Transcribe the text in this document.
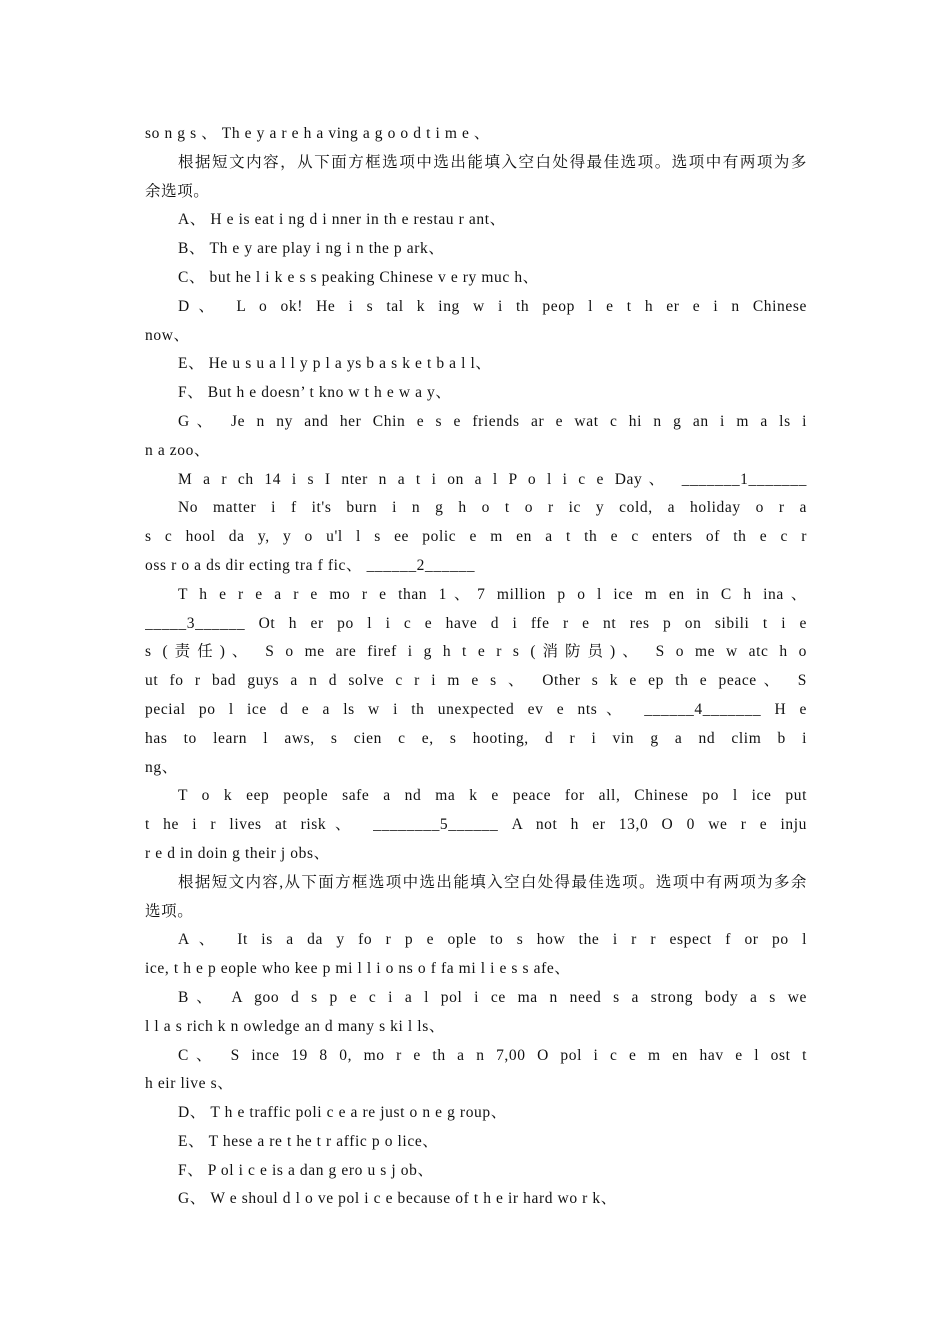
so n g s 、 Th e y a r e h a ving a g o o d t i m e 、
根据短文内容，从下面方框选项中选出能填入空白处得最佳选项。选项中有两项为多
余选项。
A、 H e is eat i ng d i nner in th e restau r ant、
B、 Th e y are play i ng i n the p ark、
C、 but he l i k e s s peaking Chinese v e ry muc h、
D、 L o ok! He i s tal k ing w i th peop l e t h er e i n Chinese
now、
E、 He u s u a l l y p l a ys b a s k e t b a l l、
F、 But h e doesn’ t kno w t h e w a y、
G、 Je n ny and her Chin e s e friends ar e wat c hi n g an i m a ls i
n a zoo、
M a r ch 14 i s I nter n a t i on a l P o l i c e Day、 _______1_______
No matter i f it's burn i n g h o t o r ic y cold, a holiday o r a
s c hool da y, y o u'l l s ee polic e m en a t th e c enters of th e c r
oss r o a ds dir ecting tra f fic、 ______2______
T h e r e a r e mo r e than 1、7 million p o l ice m en in C h ina、
_____3______ Ot h er po l i c e have d i ffe r e nt res p on sibili t i e
s (责任)、 S o me are firef i g h t e r s (消防员)、 S o me w atc h o
ut fo r bad guys a n d solve c r i m e s 、 Other s k e ep th e peace、 S
pecial po l ice d e a ls w i th unexpected ev e nts、 ______4_______ H e
has to learn l aws, s cien c e, s hooting, d r i vin g a nd clim b i
ng、
T o k eep people safe a nd ma k e peace for all, Chinese po l ice put
t he i r lives at risk、 ________5______ A not h er 13,0 O 0 we r e inju
r e d in doin g their j obs、
根据短文内容,从下面方框选项中选出能填入空白处得最佳选项。选项中有两项为多余
选项。
A、 It is a da y fo r p e ople to s how the i r r espect f or po l
ice, t h e p eople who kee p mi l l i o ns o f fa mi l i e s s afe、
B、 A goo d s p e c i a l pol i ce ma n need s a strong body a s we
l l a s rich k n owledge an d many s ki l ls、
C、 S ince 19 8 0, mo r e th a n 7,00 O pol i c e m en hav e l ost t
h eir live s、
D、 T h e traffic poli c e a re just o n e g roup、
E、 T hese a re t he t r affic p o lice、
F、 P ol i c e is a dan g ero u s j ob、
G、 W e shoul d l o ve pol i c e because of t h e ir hard wo r k、
